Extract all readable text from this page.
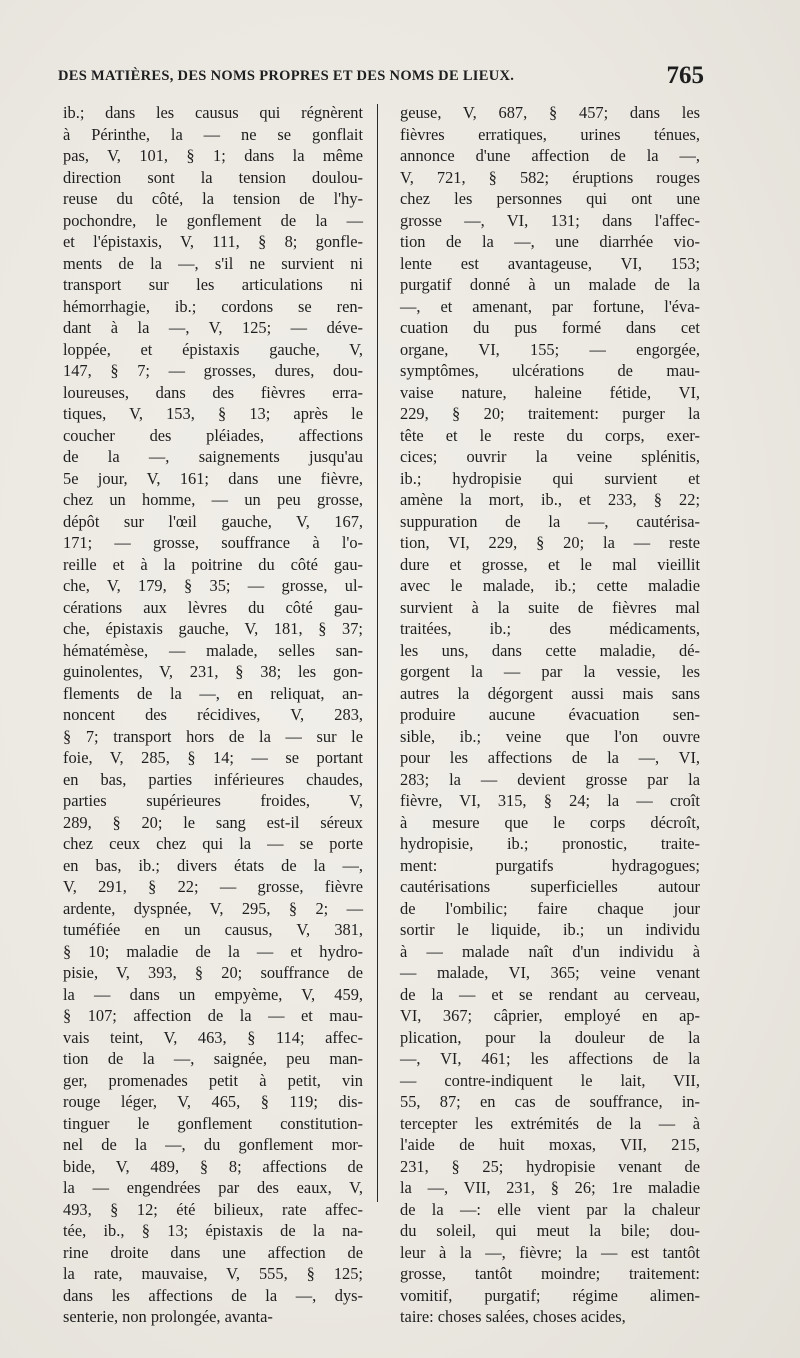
DES MATIÈRES, DES NOMS PROPRES ET DES NOMS DE LIEUX.	765
ib.; dans les causus qui régnèrent
à Périnthe, la — ne se gonflait
pas, V, 101, § 1; dans la même
direction sont la tension doulou-
reuse du côté, la tension de l'hy-
pochondre, le gonflement de la —
et l'épistaxis, V, 111, § 8; gonfle-
ments de la —, s'il ne survient ni
transport sur les articulations ni
hémorrhagie, ib.; cordons se ren-
dant à la —, V, 125; — déve-
loppée, et épistaxis gauche, V,
147, § 7; — grosses, dures, dou-
loureuses, dans des fièvres erra-
tiques, V, 153, § 13; après le
coucher des pléiades, affections
de la —, saignements jusqu'au
5e jour, V, 161; dans une fièvre,
chez un homme, — un peu grosse,
dépôt sur l'œil gauche, V, 167,
171; — grosse, souffrance à l'o-
reille et à la poitrine du côté gau-
che, V, 179, § 35; — grosse, ul-
cérations aux lèvres du côté gau-
che, épistaxis gauche, V, 181, § 37;
hématémèse, — malade, selles san-
guinolentes, V, 231, § 38; les gon-
flements de la —, en reliquat, an-
noncent des récidives, V, 283,
§ 7; transport hors de la — sur le
foie, V, 285, § 14; — se portant
en bas, parties inférieures chaudes,
parties supérieures froides, V,
289, § 20; le sang est-il séreux
chez ceux chez qui la — se porte
en bas, ib.; divers états de la —,
V, 291, § 22; — grosse, fièvre
ardente, dyspnée, V, 295, § 2; —
tuméfiée en un causus, V, 381,
§ 10; maladie de la — et hydro-
pisie, V, 393, § 20; souffrance de
la — dans un empyème, V, 459,
§ 107; affection de la — et mau-
vais teint, V, 463, § 114; affec-
tion de la —, saignée, peu man-
ger, promenades petit à petit, vin
rouge léger, V, 465, § 119; dis-
tinguer le gonflement constitution-
nel de la —, du gonflement mor-
bide, V, 489, § 8; affections de
la — engendrées par des eaux, V,
493, § 12; été bilieux, rate affec-
tée, ib., § 13; épistaxis de la na-
rine droite dans une affection de
la rate, mauvaise, V, 555, § 125;
dans les affections de la —, dys-
senterie, non prolongée, avanta-
geuse, V, 687, § 457; dans les
fièvres erratiques, urines ténues,
annonce d'une affection de la —,
V, 721, § 582; éruptions rouges
chez les personnes qui ont une
grosse —, VI, 131; dans l'affec-
tion de la —, une diarrhée vio-
lente est avantageuse, VI, 153;
purgatif donné à un malade de la
—, et amenant, par fortune, l'éva-
cuation du pus formé dans cet
organe, VI, 155; — engorgée,
symptômes, ulcérations de mau-
vaise nature, haleine fétide, VI,
229, § 20; traitement: purger la
tête et le reste du corps, exer-
cices; ouvrir la veine splénitis,
ib.; hydropisie qui survient et
amène la mort, ib., et 233, § 22;
suppuration de la —, cautérisa-
tion, VI, 229, § 20; la — reste
dure et grosse, et le mal vieillit
avec le malade, ib.; cette maladie
survient à la suite de fièvres mal
traitées, ib.; des médicaments,
les uns, dans cette maladie, dé-
gorgent la — par la vessie, les
autres la dégorgent aussi mais sans
produire aucune évacuation sen-
sible, ib.; veine que l'on ouvre
pour les affections de la —, VI,
283; la — devient grosse par la
fièvre, VI, 315, § 24; la — croît
à mesure que le corps décroît,
hydropisie, ib.; pronostic, traite-
ment: purgatifs hydragogues;
cautérisations superficielles autour
de l'ombilic; faire chaque jour
sortir le liquide, ib.; un individu
à — malade naît d'un individu à
— malade, VI, 365; veine venant
de la — et se rendant au cerveau,
VI, 367; câprier, employé en ap-
plication, pour la douleur de la
—, VI, 461; les affections de la
— contre-indiquent le lait, VII,
55, 87; en cas de souffrance, in-
tercepter les extrémités de la — à
l'aide de huit moxas, VII, 215,
231, § 25; hydropisie venant de
la —, VII, 231, § 26; 1re maladie
de la —: elle vient par la chaleur
du soleil, qui meut la bile; dou-
leur à la —, fièvre; la — est tantôt
grosse, tantôt moindre; traitement:
vomitif, purgatif; régime alimen-
taire: choses salées, choses acides,
